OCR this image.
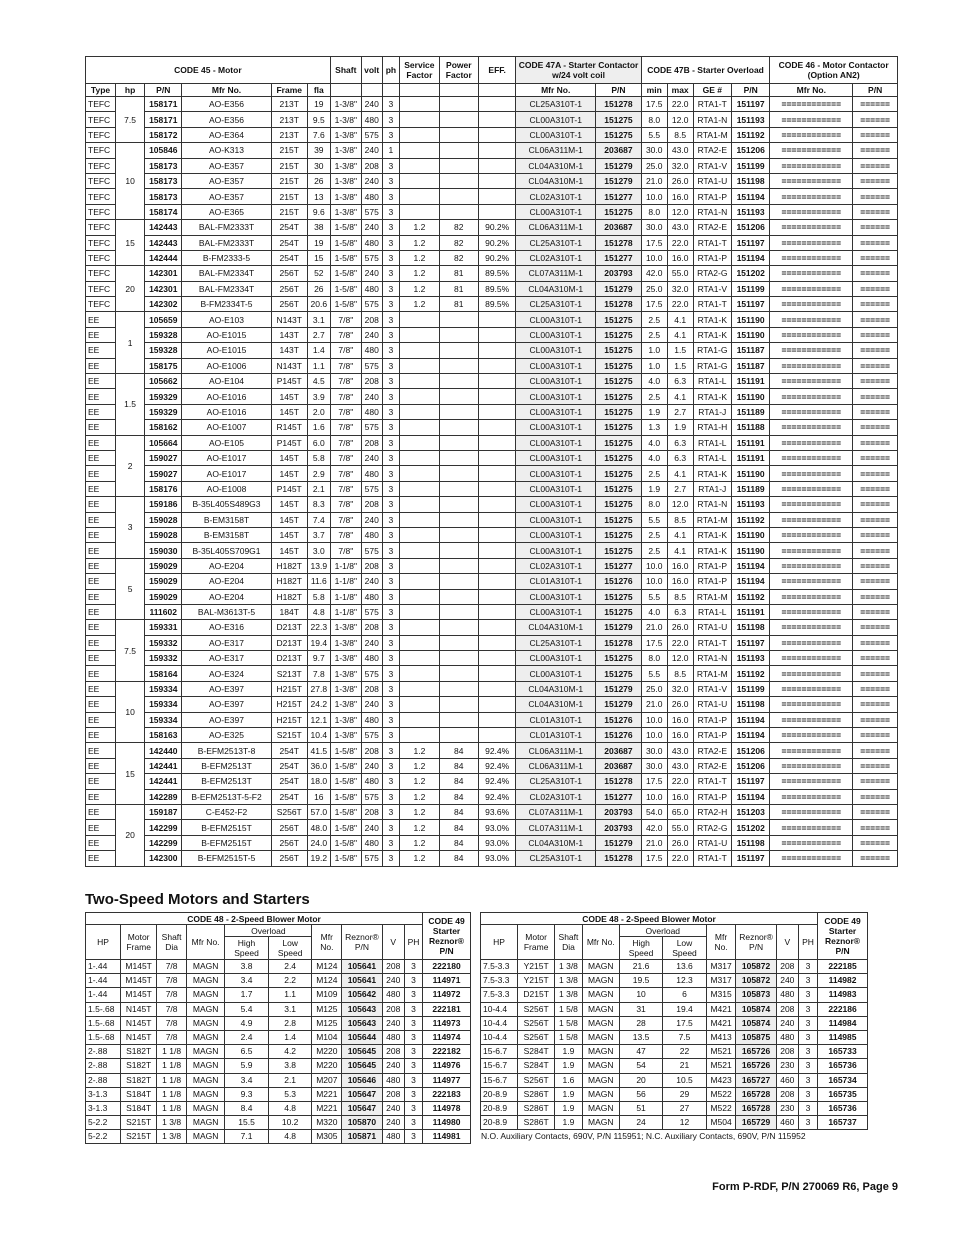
CODE 45 - Motor						Shaft	volt	ph	Service Factor	Power Factor	EFF.	CODE 47A - Starter Contactor w/24 volt coil		CODE 47B - Starter Overload				CODE 46 - Motor Contactor (Option AN2)	
Type	hp	P/N	Mfr No.	Frame	fla							Mfr No.	P/N	min	max	GE #	P/N	Mfr No.	P/N
TEFC	7.5	158171	AO-E356	213T	19	1-3/8"	240	3				CL25A310T-1	151278	17.5	22.0	RTA1-T	151197	============	======
TEFC		158171	AO-E356	213T	9.5	1-3/8"	480	3				CL00A310T-1	151275	8.0	12.0	RTA1-N	151193	============	======
TEFC		158172	AO-E364	213T	7.6	1-3/8"	575	3				CL00A310T-1	151275	5.5	8.5	RTA1-M	151192	============	======
TEFC	10	105846	AO-K313	215T	39	1-3/8"	240	1				CL06A311M-1	203687	30.0	43.0	RTA2-E	151206	============	======
TEFC		158173	AO-E357	215T	30	1-3/8"	208	3				CL04A310M-1	151279	25.0	32.0	RTA1-V	151199	============	======
TEFC		158173	AO-E357	215T	26	1-3/8"	240	3				CL04A310M-1	151279	21.0	26.0	RTA1-U	151198	============	======
TEFC		158173	AO-E357	215T	13	1-3/8"	480	3				CL02A310T-1	151277	10.0	16.0	RTA1-P	151194	============	======
TEFC		158174	AO-E365	215T	9.6	1-3/8"	575	3				CL00A310T-1	151275	8.0	12.0	RTA1-N	151193	============	======
TEFC	15	142443	BAL-FM2333T	254T	38	1-5/8"	240	3	1.2	82	90.2%	CL06A311M-1	203687	30.0	43.0	RTA2-E	151206	============	======
TEFC		142443	BAL-FM2333T	254T	19	1-5/8"	480	3	1.2	82	90.2%	CL25A310T-1	151278	17.5	22.0	RTA1-T	151197	============	======
TEFC		142444	B-FM2333-5	254T	15	1-5/8"	575	3	1.2	82	90.2%	CL02A310T-1	151277	10.0	16.0	RTA1-P	151194	============	======
TEFC	20	142301	BAL-FM2334T	256T	52	1-5/8"	240	3	1.2	81	89.5%	CL07A311M-1	203793	42.0	55.0	RTA2-G	151202	============	======
TEFC		142301	BAL-FM2334T	256T	26	1-5/8"	480	3	1.2	81	89.5%	CL04A310M-1	151279	25.0	32.0	RTA1-V	151199	============	======
TEFC		142302	B-FM2334T-5	256T	20.6	1-5/8"	575	3	1.2	81	89.5%	CL25A310T-1	151278	17.5	22.0	RTA1-T	151197	============	======
EE	1	105659	AO-E103	N143T	3.1	7/8"	208	3				CL00A310T-1	151275	2.5	4.1	RTA1-K	151190	============	======
EE		159328	AO-E1015	143T	2.7	7/8"	240	3				CL00A310T-1	151275	2.5	4.1	RTA1-K	151190	============	======
EE		159328	AO-E1015	143T	1.4	7/8"	480	3				CL00A310T-1	151275	1.0	1.5	RTA1-G	151187	============	======
EE		158175	AO-E1006	N143T	1.1	7/8"	575	3				CL00A310T-1	151275	1.0	1.5	RTA1-G	151187	============	======
EE	1.5	105662	AO-E104	P145T	4.5	7/8"	208	3				CL00A310T-1	151275	4.0	6.3	RTA1-L	151191	============	======
EE		159329	AO-E1016	145T	3.9	7/8"	240	3				CL00A310T-1	151275	2.5	4.1	RTA1-K	151190	============	======
EE		159329	AO-E1016	145T	2.0	7/8"	480	3				CL00A310T-1	151275	1.9	2.7	RTA1-J	151189	============	======
EE		158162	AO-E1007	R145T	1.6	7/8"	575	3				CL00A310T-1	151275	1.3	1.9	RTA1-H	151188	============	======
EE	2	105664	AO-E105	P145T	6.0	7/8"	208	3				CL00A310T-1	151275	4.0	6.3	RTA1-L	151191	============	======
EE		159027	AO-E1017	145T	5.8	7/8"	240	3				CL00A310T-1	151275	4.0	6.3	RTA1-L	151191	============	======
EE		159027	AO-E1017	145T	2.9	7/8"	480	3				CL00A310T-1	151275	2.5	4.1	RTA1-K	151190	============	======
EE		158176	AO-E1008	P145T	2.1	7/8"	575	3				CL00A310T-1	151275	1.9	2.7	RTA1-J	151189	============	======
EE	3	159186	B-35L405S489G3	145T	8.3	7/8"	208	3				CL00A310T-1	151275	8.0	12.0	RTA1-N	151193	============	======
EE		159028	B-EM3158T	145T	7.4	7/8"	240	3				CL00A310T-1	151275	5.5	8.5	RTA1-M	151192	============	======
EE		159028	B-EM3158T	145T	3.7	7/8"	480	3				CL00A310T-1	151275	2.5	4.1	RTA1-K	151190	============	======
EE		159030	B-35L405S709G1	145T	3.0	7/8"	575	3				CL00A310T-1	151275	2.5	4.1	RTA1-K	151190	============	======
EE	5	159029	AO-E204	H182T	13.9	1-1/8"	208	3				CL02A310T-1	151277	10.0	16.0	RTA1-P	151194	============	======
EE		159029	AO-E204	H182T	11.6	1-1/8"	240	3				CL01A310T-1	151276	10.0	16.0	RTA1-P	151194	============	======
EE		159029	AO-E204	H182T	5.8	1-1/8"	480	3				CL00A310T-1	151275	5.5	8.5	RTA1-M	151192	============	======
EE		111602	BAL-M3613T-5	184T	4.8	1-1/8"	575	3				CL00A310T-1	151275	4.0	6.3	RTA1-L	151191	============	======
EE	7.5	159331	AO-E316	D213T	22.3	1-3/8"	208	3				CL04A310M-1	151279	21.0	26.0	RTA1-U	151198	============	======
EE		159332	AO-E317	D213T	19.4	1-3/8"	240	3				CL25A310T-1	151278	17.5	22.0	RTA1-T	151197	============	======
EE		159332	AO-E317	D213T	9.7	1-3/8"	480	3				CL00A310T-1	151275	8.0	12.0	RTA1-N	151193	============	======
EE		158164	AO-E324	S213T	7.8	1-3/8"	575	3				CL00A310T-1	151275	5.5	8.5	RTA1-M	151192	============	======
EE	10	159334	AO-E397	H215T	27.8	1-3/8"	208	3				CL04A310M-1	151279	25.0	32.0	RTA1-V	151199	============	======
EE		159334	AO-E397	H215T	24.2	1-3/8"	240	3				CL04A310M-1	151279	21.0	26.0	RTA1-U	151198	============	======
EE		159334	AO-E397	H215T	12.1	1-3/8"	480	3				CL01A310T-1	151276	10.0	16.0	RTA1-P	151194	============	======
EE		158163	AO-E325	S215T	10.4	1-3/8"	575	3				CL01A310T-1	151276	10.0	16.0	RTA1-P	151194	============	======
EE	15	142440	B-EFM2513T-8	254T	41.5	1-5/8"	208	3	1.2	84	92.4%	CL06A311M-1	203687	30.0	43.0	RTA2-E	151206	============	======
EE		142441	B-EFM2513T	254T	36.0	1-5/8"	240	3	1.2	84	92.4%	CL06A311M-1	203687	30.0	43.0	RTA2-E	151206	============	======
EE		142441	B-EFM2513T	254T	18.0	1-5/8"	480	3	1.2	84	92.4%	CL25A310T-1	151278	17.5	22.0	RTA1-T	151197	============	======
EE		142289	B-EFM2513T-5-F2	254T	16	1-5/8"	575	3	1.2	84	92.4%	CL02A310T-1	151277	10.0	16.0	RTA1-P	151194	============	======
EE	20	159187	C-E452-F2	S256T	57.0	1-5/8"	208	3	1.2	84	93.6%	CL07A311M-1	203793	54.0	65.0	RTA2-H	151203	============	======
EE		142299	B-EFM2515T	256T	48.0	1-5/8"	240	3	1.2	84	93.0%	CL07A311M-1	203793	42.0	55.0	RTA2-G	151202	============	======
EE		142299	B-EFM2515T	256T	24.0	1-5/8"	480	3	1.2	84	93.0%	CL04A310M-1	151279	21.0	26.0	RTA1-U	151198	============	======
EE		142300	B-EFM2515T-5	256T	19.2	1-5/8"	575	3	1.2	84	93.0%	CL25A310T-1	151278	17.5	22.0	RTA1-T	151197	============	======
Two-Speed Motors and Starters
CODE 48 - 2-Speed Blower Motor										CODE 49 Starter Reznor® P/N
HP	Motor Frame	Shaft Dia	Mfr No.	Overload		Mfr No.	Reznor® P/N	V	PH	
				High Speed	Low Speed					
1-.44	M145T	7/8	MAGN	3.8	2.4	M124	105641	208	3	222180
1-.44	M145T	7/8	MAGN	3.4	2.2	M124	105641	240	3	114971
1-.44	M145T	7/8	MAGN	1.7	1.1	M109	105642	480	3	114972
1.5-.68	N145T	7/8	MAGN	5.4	3.1	M125	105643	208	3	222181
1.5-.68	N145T	7/8	MAGN	4.9	2.8	M125	105643	240	3	114973
1.5-.68	N145T	7/8	MAGN	2.4	1.4	M104	105644	480	3	114974
2-.88	S182T	1 1/8	MAGN	6.5	4.2	M220	105645	208	3	222182
2-.88	S182T	1 1/8	MAGN	5.9	3.8	M220	105645	240	3	114976
2-.88	S182T	1 1/8	MAGN	3.4	2.1	M207	105646	480	3	114977
3-1.3	S184T	1 1/8	MAGN	9.3	5.3	M221	105647	208	3	222183
3-1.3	S184T	1 1/8	MAGN	8.4	4.8	M221	105647	240	3	114978
5-2.2	S215T	1 3/8	MAGN	15.5	10.2	M320	105870	240	3	114980
5-2.2	S215T	1 3/8	MAGN	7.1	4.8	M305	105871	480	3	114981
CODE 48 - 2-Speed Blower Motor										CODE 49 Starter Reznor® P/N
HP	Motor Frame	Shaft Dia	Mfr No.	Overload		Mfr No.	Reznor® P/N	V	PH	
				High Speed	Low Speed					
7.5-3.3	Y215T	1 3/8	MAGN	21.6	13.6	M317	105872	208	3	222185
7.5-3.3	Y215T	1 3/8	MAGN	19.5	12.3	M317	105872	240	3	114982
7.5-3.3	D215T	1 3/8	MAGN	10	6	M315	105873	480	3	114983
10-4.4	S256T	1 5/8	MAGN	31	19.4	M421	105874	208	3	222186
10-4.4	S256T	1 5/8	MAGN	28	17.5	M421	105874	240	3	114984
10-4.4	S256T	1 5/8	MAGN	13.5	7.5	M413	105875	480	3	114985
15-6.7	S284T	1.9	MAGN	47	22	M521	165726	208	3	165733
15-6.7	S284T	1.9	MAGN	54	21	M521	165726	230	3	165736
15-6.7	S256T	1.6	MAGN	20	10.5	M423	165727	460	3	165734
20-8.9	S286T	1.9	MAGN	56	29	M522	165728	208	3	165735
20-8.9	S286T	1.9	MAGN	51	27	M522	165728	230	3	165736
20-8.9	S286T	1.9	MAGN	24	12	M504	165729	460	3	165737
N.O. Auxiliary Contacts, 690V, P/N 115951; N.C. Auxiliary Contacts, 690V, P/N 115952
Form P-RDF, P/N 270069 R6, Page 9
